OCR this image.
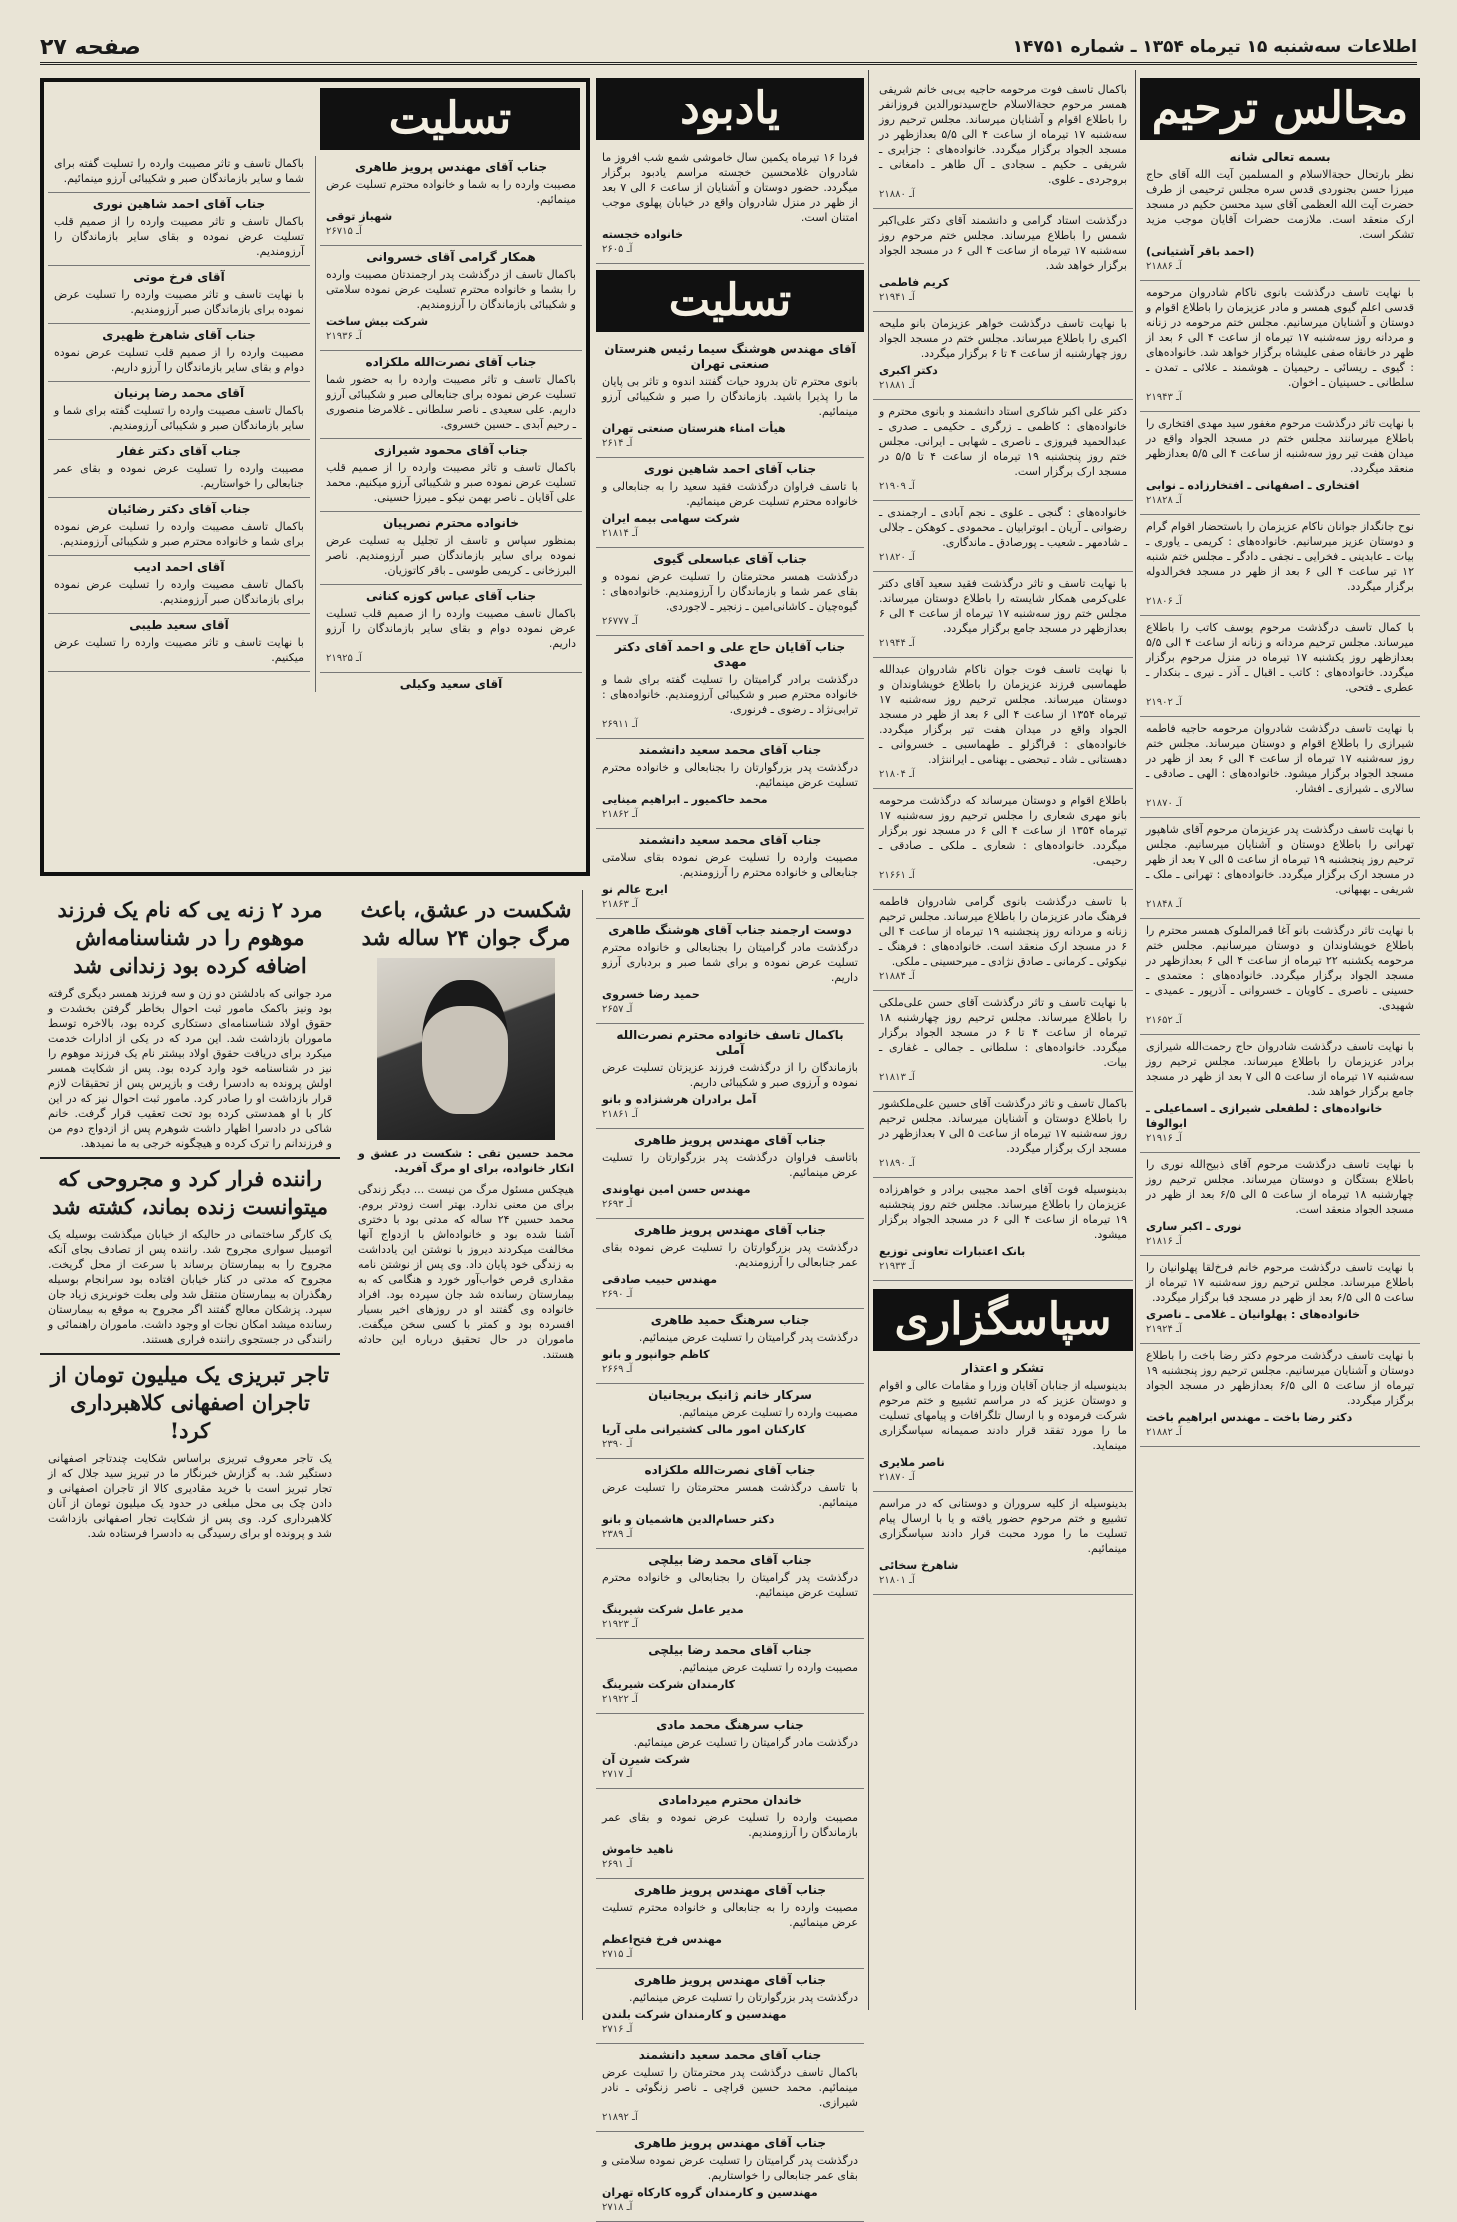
اطلاعات سه‌شنبه ۱۵ تیرماه ۱۳۵۴ ـ شماره ۱۴۷۵۱
صفحه ۲۷
مجالس ترحیم
بسمه تعالی شانه
نظر بارتحال حجةالاسلام و المسلمین آیت الله آقای حاج میرزا حسن بجنوردی قدس سره مجلس ترحیمی از طرف حضرت آیت الله العظمی آقای سید محسن حکیم در مسجد ارک منعقد است. ملازمت حضرات آقایان موجب مزید تشکر است.
(احمد باقر آشتیانی)
آـ ۲۱۸۸۶
با نهایت تاسف درگذشت بانوی ناکام شادروان مرحومه قدسی اعلم گیوی همسر و مادر عزیزمان را باطلاع اقوام و دوستان و آشنایان میرسانیم. مجلس ختم مرحومه در زنانه و مردانه روز سه‌شنبه ۱۷ تیرماه از ساعت ۴ الی ۶ بعد از ظهر در خانقاه صفی علیشاه برگزار خواهد شد. خانواده‌های : گیوی ـ ریسائی ـ رحیمیان ـ هوشمند ـ علائی ـ تمدن ـ سلطانی ـ حسینیان ـ اخوان.
آـ ۲۱۹۴۳
با نهایت تاثر درگذشت مرحوم مغفور سید مهدی افتخاری را باطلاع میرسانند مجلس ختم در مسجد الجواد واقع در میدان هفت تیر روز سه‌شنبه از ساعت ۴ الی ۵/۵ بعدازظهر منعقد میگردد.
افتخاری ـ اصفهانی ـ افتخارزاده ـ نوابی
آـ ۲۱۸۲۸
نوح جانگداز جوانان ناکام عزیزمان را باستحضار اقوام گرام و دوستان عزیز میرسانیم. خانواده‌های : کریمی ـ یاوری ـ بیات ـ عابدینی ـ فخرایی ـ نجفی ـ دادگر ـ مجلس ختم شنبه ۱۲ تیر ساعت ۴ الی ۶ بعد از ظهر در مسجد فخرالدوله برگزار میگردد.
آـ ۲۱۸۰۶
با کمال تاسف درگذشت مرحوم یوسف کاتب را باطلاع میرساند. مجلس ترحیم مردانه و زنانه از ساعت ۴ الی ۵/۵ بعدازظهر روز یکشنبه ۱۷ تیرماه در منزل مرحوم برگزار میگردد. خانواده‌های : کاتب ـ اقبال ـ آذر ـ نیری ـ بنکدار ـ عطری ـ فتحی.
آـ ۲۱۹۰۲
با نهایت تاسف درگذشت شادروان مرحومه حاجیه فاطمه شیرازی را باطلاع اقوام و دوستان میرساند. مجلس ختم روز سه‌شنبه ۱۷ تیرماه از ساعت ۴ الی ۶ بعد از ظهر در مسجد الجواد برگزار میشود. خانواده‌های : الهی ـ صادقی ـ سالاری ـ شیرازی ـ افشار.
آـ ۲۱۸۷۰
با نهایت تاسف درگذشت پدر عزیزمان مرحوم آقای شاهپور تهرانی را باطلاع دوستان و آشنایان میرسانیم. مجلس ترحیم روز پنجشنبه ۱۹ تیرماه از ساعت ۵ الی ۷ بعد از ظهر در مسجد ارک برگزار میگردد. خانواده‌های : تهرانی ـ ملک ـ شریفی ـ بهبهانی.
آـ ۲۱۸۴۸
با نهایت تاثر درگذشت بانو آغا قمرالملوک همسر محترم را باطلاع خویشاوندان و دوستان میرسانیم. مجلس ختم مرحومه یکشنبه ۲۲ تیرماه از ساعت ۴ الی ۶ بعدازظهر در مسجد الجواد برگزار میگردد. خانواده‌های : معتمدی ـ حسینی ـ ناصری ـ کاویان ـ خسروانی ـ آذرپور ـ عمیدی ـ شهیدی.
آـ ۲۱۶۵۲
با نهایت تاسف درگذشت شادروان حاج رحمت‌الله شیرازی برادر عزیزمان را باطلاع میرساند. مجلس ترحیم روز سه‌شنبه ۱۷ تیرماه از ساعت ۵ الی ۷ بعد از ظهر در مسجد جامع برگزار خواهد شد.
خانواده‌های : لطفعلی شیرازی ـ اسماعیلی ـ ابوالوفا
آـ ۲۱۹۱۶
با نهایت تاسف درگذشت مرحوم آقای ذبیح‌الله نوری را باطلاع بستگان و دوستان میرساند. مجلس ترحیم روز چهارشنبه ۱۸ تیرماه از ساعت ۵ الی ۶/۵ بعد از ظهر در مسجد الجواد منعقد است.
نوری ـ اکبر ساری
آـ ۲۱۸۱۶
با نهایت تاسف درگذشت مرحوم خانم فرخ‌لقا پهلوانیان را باطلاع میرساند. مجلس ترحیم روز سه‌شنبه ۱۷ تیرماه از ساعت ۵ الی ۶/۵ بعد از ظهر در مسجد قبا برگزار میگردد.
خانواده‌های : پهلوانیان ـ غلامی ـ ناصری
آـ ۲۱۹۲۴
با نهایت تاسف درگذشت مرحوم دکتر رضا باخت را باطلاع دوستان و آشنایان میرسانیم. مجلس ترحیم روز پنجشنبه ۱۹ تیرماه از ساعت ۵ الی ۶/۵ بعدازظهر در مسجد الجواد برگزار میگردد.
دکتر رضا باخت ـ مهندس ابراهیم باخت
آـ ۲۱۸۸۲
باکمال تاسف فوت مرحومه حاجیه بی‌بی خانم شریفی همسر مرحوم حجةالاسلام حاج‌سیدنورالدین فروزانفر را باطلاع اقوام و آشنایان میرساند. مجلس ترحیم روز سه‌شنبه ۱۷ تیرماه از ساعت ۴ الی ۵/۵ بعدازظهر در مسجد الجواد برگزار میگردد. خانواده‌های : جزایری ـ شریفی ـ حکیم ـ سجادی ـ آل طاهر ـ دامغانی ـ بروجردی ـ علوی.
آـ ۲۱۸۸۰
درگذشت استاد گرامی و دانشمند آقای دکتر علی‌اکبر شمس را باطلاع میرساند. مجلس ختم مرحوم روز سه‌شنبه ۱۷ تیرماه از ساعت ۴ الی ۶ در مسجد الجواد برگزار خواهد شد.
کریم فاطمی
آـ ۲۱۹۴۱
با نهایت تاسف درگذشت خواهر عزیزمان بانو ملیحه اکبری را باطلاع میرساند. مجلس ختم در مسجد الجواد روز چهارشنبه از ساعت ۴ تا ۶ برگزار میگردد.
دکتر اکبری
آـ ۲۱۸۸۱
دکتر علی اکبر شاکری استاد دانشمند و بانوی محترم و خانواده‌های : کاظمی ـ زرگری ـ حکیمی ـ صدری ـ عبدالحمید فیروزی ـ ناصری ـ شهابی ـ ایرانی. مجلس ختم روز پنجشنبه ۱۹ تیرماه از ساعت ۴ تا ۵/۵ در مسجد ارک برگزار است.
آـ ۲۱۹۰۹
خانواده‌های : گنجی ـ علوی ـ نجم آبادی ـ ارجمندی ـ رضوانی ـ آریان ـ ابوترابیان ـ محمودی ـ کوهکن ـ جلالی ـ شادمهر ـ شعیب ـ پورصادق ـ ماندگاری.
آـ ۲۱۸۲۰
با نهایت تاسف و تاثر درگذشت فقید سعید آقای دکتر علی‌کرمی همکار شایسته را باطلاع دوستان میرساند. مجلس ختم روز سه‌شنبه ۱۷ تیرماه از ساعت ۴ الی ۶ بعدازظهر در مسجد جامع برگزار میگردد.
آـ ۲۱۹۴۴
با نهایت تاسف فوت جوان ناکام شادروان عبدالله طهماسبی فرزند عزیزمان را باطلاع خویشاوندان و دوستان میرساند. مجلس ترحیم روز سه‌شنبه ۱۷ تیرماه ۱۳۵۴ از ساعت ۴ الی ۶ بعد از ظهر در مسجد الجواد واقع در میدان هفت تیر برگزار میگردد. خانواده‌های : قراگزلو ـ طهماسبی ـ خسروانی ـ دهستانی ـ شاد ـ تبحضی ـ بهنامی ـ ایراننژاد.
آـ ۲۱۸۰۴
باطلاع اقوام و دوستان میرساند که درگذشت مرحومه بانو مهری شعاری را مجلس ترحیم روز سه‌شنبه ۱۷ تیرماه ۱۳۵۴ از ساعت ۴ الی ۶ در مسجد نور برگزار میگردد. خانواده‌های : شعاری ـ ملکی ـ صادقی ـ رحیمی.
آـ ۲۱۶۶۱
با تاسف درگذشت بانوی گرامی شادروان فاطمه فرهنگ مادر عزیزمان را باطلاع میرساند. مجلس ترحیم زنانه و مردانه روز پنجشنبه ۱۹ تیرماه از ساعت ۴ الی ۶ در مسجد ارک منعقد است. خانواده‌های : فرهنگ ـ نیکوئی ـ کرمانی ـ صادق نژادی ـ میرحسینی ـ ملکی.
آـ ۲۱۸۸۴
با نهایت تاسف و تاثر درگذشت آقای حسن علی‌ملکی را باطلاع میرساند. مجلس ترحیم روز چهارشنبه ۱۸ تیرماه از ساعت ۴ تا ۶ در مسجد الجواد برگزار میگردد. خانواده‌های : سلطانی ـ جمالی ـ غفاری ـ بیات.
آـ ۲۱۸۱۳
باکمال تاسف و تاثر درگذشت آقای حسین علی‌ملکشور را باطلاع دوستان و آشنایان میرساند. مجلس ترحیم روز سه‌شنبه ۱۷ تیرماه از ساعت ۵ الی ۷ بعدازظهر در مسجد ارک برگزار میگردد.
آـ ۲۱۸۹۰
بدینوسیله فوت آقای احمد مجیبی برادر و خواهرزاده عزیزمان را باطلاع میرساند. مجلس ختم روز پنجشنبه ۱۹ تیرماه از ساعت ۴ الی ۶ در مسجد الجواد برگزار میشود.
بانک اعتبارات تعاونی توزیع
آـ ۲۱۹۳۳
سپاسگزاری
تشکر و اعتذار
بدینوسیله از جنابان آقایان وزرا و مقامات عالی و اقوام و دوستان عزیز که در مراسم تشییع و ختم مرحوم شرکت فرموده و با ارسال تلگرافات و پیامهای تسلیت ما را مورد تفقد قرار دادند صمیمانه سپاسگزاری مینماید.
ناصر ملایری
آـ ۲۱۸۷۰
بدینوسیله از کلیه سروران و دوستانی که در مراسم تشییع و ختم مرحوم حضور یافته و یا با ارسال پیام تسلیت ما را مورد محبت قرار دادند سپاسگزاری مینمائیم.
شاهرخ سخائی
آـ ۲۱۸۰۱
یادبود
فردا ۱۶ تیرماه یکمین سال خاموشی شمع شب افروز ما شادروان غلامحسین خجسته مراسم یادبود برگزار میگردد. حضور دوستان و آشنایان از ساعت ۶ الی ۷ بعد از ظهر در منزل شادروان واقع در خیابان پهلوی موجب امتنان است.
خانواده خجسته
آـ ۲۶۰۵
تسلیت
آقای مهندس هوشنگ سیما رئیس هنرستان صنعتی تهران
بانوی محترم تان بدرود حیات گفتند اندوه و تاثر بی پایان ما را پذیرا باشید. بازماندگان را صبر و شکیبائی آرزو مینمائیم.
هیأت امناء هنرستان صنعتی تهران
آـ ۲۶۱۴
جناب آقای احمد شاهین نوری
با تاسف فراوان درگذشت فقید سعید را به جنابعالی و خانواده محترم تسلیت عرض مینمائیم.
شرکت سهامی بیمه ایران
آـ ۲۱۸۱۴
جناب آقای عباسعلی گیوی
درگذشت همسر محترمتان را تسلیت عرض نموده و بقای عمر شما و بازماندگان را آرزومندیم. خانواده‌های : گیوه‌چیان ـ کاشانی‌امین ـ زنجیر ـ لاجوردی.
آـ ۲۶۷۷۷
جناب آقایان حاج علی و احمد آقای دکتر مهدی
درگذشت برادر گرامیتان را تسلیت گفته برای شما و خانواده محترم صبر و شکیبائی آرزومندیم. خانواده‌های : ترابی‌نژاد ـ رضوی ـ فرنوری.
آـ ۲۶۹۱۱
جناب آقای محمد سعید دانشمند
درگذشت پدر بزرگوارتان را بجنابعالی و خانواده محترم تسلیت عرض مینمائیم.
محمد حاکمیور ـ ابراهیم مینایی
آـ ۲۱۸۶۲
جناب آقای محمد سعید دانشمند
مصیبت وارده را تسلیت عرض نموده بقای سلامتی جنابعالی و خانواده محترم را آرزومندیم.
ایرج عالم نو
آـ ۲۱۸۶۳
دوست ارجمند جناب آقای هوشنگ طاهری
درگذشت مادر گرامیتان را بجنابعالی و خانواده محترم تسلیت عرض نموده و برای شما صبر و بردباری آرزو داریم.
حمید رضا خسروی
آـ ۲۶۵۷
باکمال تاسف خانواده محترم نصرت‌الله آملی
بازماندگان را از درگذشت فرزند عزیزتان تسلیت عرض نموده و آرزوی صبر و شکیبائی داریم.
آمل برادران هرشنزاده و بانو
آـ ۲۱۸۶۱
جناب آقای مهندس پرویز طاهری
باتاسف فراوان درگذشت پدر بزرگوارتان را تسلیت عرض مینمائیم.
مهندس حسن امین نهاوندی
آـ ۲۶۹۳
جناب آقای مهندس پرویز طاهری
درگذشت پدر بزرگوارتان را تسلیت عرض نموده بقای عمر جنابعالی را آرزومندیم.
مهندس حبیب صادقی
آـ ۲۶۹۰
جناب سرهنگ حمید طاهری
درگذشت پدر گرامیتان را تسلیت عرض مینمائیم.
کاظم جوانپور و بانو
آـ ۲۶۶۹
سرکار خانم ژانیک بریجانیان
مصیبت وارده را تسلیت عرض مینمائیم.
کارکنان امور مالی کشتیرانی ملی آریا
آـ ۲۳۹۰
جناب آقای نصرت‌الله ملکزاده
با تاسف درگذشت همسر محترمتان را تسلیت عرض مینمائیم.
دکتر حسام‌الدین هاشمیان و بانو
آـ ۲۳۸۹
جناب آقای محمد رضا بیلچی
درگذشت پدر گرامیتان را بجنابعالی و خانواده محترم تسلیت عرض مینمائیم.
مدیر عامل شرکت شیرینگ
آـ ۲۱۹۲۳
جناب آقای محمد رضا بیلچی
مصیبت وارده را تسلیت عرض مینمائیم.
کارمندان شرکت شیرینگ
آـ ۲۱۹۲۲
جناب سرهنگ محمد مادی
درگذشت مادر گرامیتان را تسلیت عرض مینمائیم.
شرکت شیرن آن
آـ ۲۷۱۷
خاندان محترم میردامادی
مصیبت وارده را تسلیت عرض نموده و بقای عمر بازماندگان را آرزومندیم.
ناهید خاموش
آـ ۲۶۹۱
جناب آقای مهندس پرویز طاهری
مصیبت وارده را به جنابعالی و خانواده محترم تسلیت عرض مینمائیم.
مهندس فرخ فتح‌اعظم
آـ ۲۷۱۵
جناب آقای مهندس پرویز طاهری
درگذشت پدر بزرگوارتان را تسلیت عرض مینمائیم.
مهندسین و کارمندان شرکت بلندن
آـ ۲۷۱۶
جناب آقای محمد سعید دانشمند
باکمال تاسف درگذشت پدر محترمتان را تسلیت عرض مینمائیم. محمد حسین قراچی ـ ناصر زنگوئی ـ نادر شیرازی.
آـ ۲۱۸۹۲
جناب آقای مهندس پرویز طاهری
درگذشت پدر گرامیتان را تسلیت عرض نموده سلامتی و بقای عمر جنابعالی را خواستاریم.
مهندسین و کارمندان گروه کارکاه تهران
آـ ۲۷۱۸
تسلیت
جناب آقای مهندس پرویز طاهری
مصیبت وارده را به شما و خانواده محترم تسلیت عرض مینمائیم.
شهباز توقی
آـ ۲۶۷۱۵
همکار گرامی آقای خسروانی
باکمال تاسف از درگذشت پدر ارجمندتان مصیبت وارده را بشما و خانواده محترم تسلیت عرض نموده سلامتی و شکیبائی بازماندگان را آرزومندیم.
شرکت بیش ساخت
آـ ۲۱۹۳۶
جناب آقای نصرت‌الله ملکزاده
باکمال تاسف و تاثر مصیبت وارده را به حضور شما تسلیت عرض نموده برای جنابعالی صبر و شکیبائی آرزو داریم. علی سعیدی ـ ناصر سلطانی ـ غلامرضا منصوری ـ رحیم آبدی ـ حسین خسروی.
جناب آقای محمود شیرازی
باکمال تاسف و تاثر مصیبت وارده را از صمیم قلب تسلیت عرض نموده صبر و شکیبائی آرزو میکنیم. محمد علی آقایان ـ ناصر بهمن نیکو ـ میرزا حسینی.
خانواده محترم نصرپیان
بمنظور سپاس و تاسف از تجلیل به تسلیت عرض نموده برای سایر بازماندگان صبر آرزومندیم. ناصر البرزخانی ـ کریمی طوسی ـ باقر کاتوزیان.
جناب آقای عباس کوزه کنانی
باکمال تاسف مصیبت وارده را از صمیم قلب تسلیت عرض نموده دوام و بقای سایر بازماندگان را آرزو داریم.
آـ ۲۱۹۲۵
آقای سعید وکیلی
باکمال تاسف و تاثر مصیبت وارده را تسلیت گفته برای شما و سایر بازماندگان صبر و شکیبائی آرزو مینمائیم.
جناب آقای احمد شاهین نوری
باکمال تاسف و تاثر مصیبت وارده را از صمیم قلب تسلیت عرض نموده و بقای سایر بازماندگان را آرزومندیم.
آقای فرخ موتی
با نهایت تاسف و تاثر مصیبت وارده را تسلیت عرض نموده برای بازماندگان صبر آرزومندیم.
جناب آقای شاهرخ ظهیری
مصیبت وارده را از صمیم قلب تسلیت عرض نموده دوام و بقای سایر بازماندگان را آرزو داریم.
آقای محمد رضا پرنیان
باکمال تاسف مصیبت وارده را تسلیت گفته برای شما و سایر بازماندگان صبر و شکیبائی آرزومندیم.
جناب آقای دکتر غفار
مصیبت وارده را تسلیت عرض نموده و بقای عمر جنابعالی را خواستاریم.
جناب آقای دکتر رضائیان
باکمال تاسف مصیبت وارده را تسلیت عرض نموده برای شما و خانواده محترم صبر و شکیبائی آرزومندیم.
آقای احمد ادیب
باکمال تاسف مصیبت وارده را تسلیت عرض نموده برای بازماندگان صبر آرزومندیم.
آقای سعید طیبی
با نهایت تاسف و تاثر مصیبت وارده را تسلیت عرض میکنیم.
مرد ۲ زنه یی که نام یک فرزند موهوم را در شناسنامه‌اش اضافه کرده بود زندانی شد
مرد جوانی که بادلشتن دو زن و سه فرزند همسر دیگری گرفته بود ونیز باکمک مامور ثبت احوال بخاطر گرفتن بخشدت و حقوق اولاد شناسنامه‌ای دستکاری کرده بود، بالاخره توسط ماموران بازداشت شد. این مرد که در یکی از ادارات خدمت میکرد برای دریافت حقوق اولاد بیشتر نام یک فرزند موهوم را نیز در شناسنامه خود وارد کرده بود. پس از شکایت همسر اولش پرونده به دادسرا رفت و بازپرس پس از تحقیقات لازم قرار بازداشت او را صادر کرد. مامور ثبت احوال نیز که در این کار با او همدستی کرده بود تحت تعقیب قرار گرفت. خانم شاکی در دادسرا اظهار داشت شوهرم پس از ازدواج دوم من و فرزندانم را ترک کرده و هیچگونه خرجی به ما نمیدهد.
راننده فرار کرد و مجروحی که میتوانست زنده بماند، کشته شد
یک کارگر ساختمانی در حالیکه از خیابان میگذشت بوسیله یک اتومبیل سواری مجروح شد. راننده پس از تصادف بجای آنکه مجروح را به بیمارستان برساند با سرعت از محل گریخت. مجروح که مدتی در کنار خیابان افتاده بود سرانجام بوسیله رهگذران به بیمارستان منتقل شد ولی بعلت خونریزی زیاد جان سپرد. پزشکان معالج گفتند اگر مجروح به موقع به بیمارستان رسانده میشد امکان نجات او وجود داشت. ماموران راهنمائی و رانندگی در جستجوی راننده فراری هستند.
تاجر تبریزی یک میلیون تومان از تاجران اصفهانی کلاهبرداری کرد!
یک تاجر معروف تبریزی براساس شکایت چندتاجر اصفهانی دستگیر شد. به گزارش خبرنگار ما در تبریز سید جلال که از تجار تبریز است با خرید مقادیری کالا از تاجران اصفهانی و دادن چک بی محل مبلغی در حدود یک میلیون تومان از آنان کلاهبرداری کرد. وی پس از شکایت تجار اصفهانی بازداشت شد و پرونده او برای رسیدگی به دادسرا فرستاده شد.
شکست در عشق، باعث مرگ جوان ۲۴ ساله شد
محمد حسین تقی : شکست در عشق و انکار خانواده، برای او مرگ آفرید.
هیچکس مسئول مرگ من نیست ... دیگر زندگی برای من معنی ندارد. بهتر است زودتر بروم. محمد حسین ۲۴ ساله که مدتی بود با دختری آشنا شده بود و خانواده‌اش با ازدواج آنها مخالفت میکردند دیروز با نوشتن این یادداشت به زندگی خود پایان داد. وی پس از نوشتن نامه مقداری قرص خواب‌آور خورد و هنگامی که به بیمارستان رسانده شد جان سپرده بود. افراد خانواده وی گفتند او در روزهای اخیر بسیار افسرده بود و کمتر با کسی سخن میگفت. ماموران در حال تحقیق درباره این حادثه هستند.
